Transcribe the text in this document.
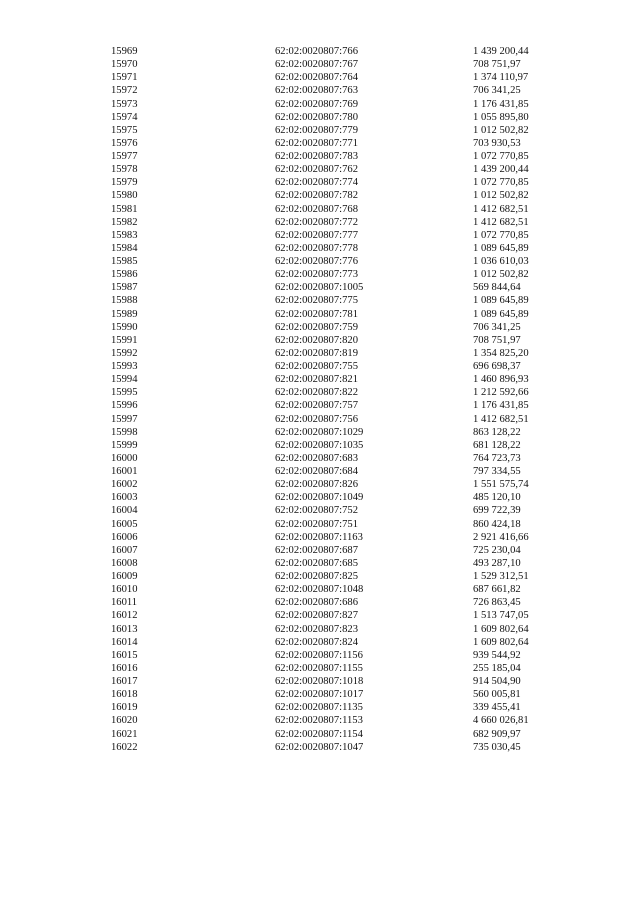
15969	62:02:0020807:766	1 439 200,44
15970	62:02:0020807:767	708 751,97
15971	62:02:0020807:764	1 374 110,97
15972	62:02:0020807:763	706 341,25
15973	62:02:0020807:769	1 176 431,85
15974	62:02:0020807:780	1 055 895,80
15975	62:02:0020807:779	1 012 502,82
15976	62:02:0020807:771	703 930,53
15977	62:02:0020807:783	1 072 770,85
15978	62:02:0020807:762	1 439 200,44
15979	62:02:0020807:774	1 072 770,85
15980	62:02:0020807:782	1 012 502,82
15981	62:02:0020807:768	1 412 682,51
15982	62:02:0020807:772	1 412 682,51
15983	62:02:0020807:777	1 072 770,85
15984	62:02:0020807:778	1 089 645,89
15985	62:02:0020807:776	1 036 610,03
15986	62:02:0020807:773	1 012 502,82
15987	62:02:0020807:1005	569 844,64
15988	62:02:0020807:775	1 089 645,89
15989	62:02:0020807:781	1 089 645,89
15990	62:02:0020807:759	706 341,25
15991	62:02:0020807:820	708 751,97
15992	62:02:0020807:819	1 354 825,20
15993	62:02:0020807:755	696 698,37
15994	62:02:0020807:821	1 460 896,93
15995	62:02:0020807:822	1 212 592,66
15996	62:02:0020807:757	1 176 431,85
15997	62:02:0020807:756	1 412 682,51
15998	62:02:0020807:1029	863 128,22
15999	62:02:0020807:1035	681 128,22
16000	62:02:0020807:683	764 723,73
16001	62:02:0020807:684	797 334,55
16002	62:02:0020807:826	1 551 575,74
16003	62:02:0020807:1049	485 120,10
16004	62:02:0020807:752	699 722,39
16005	62:02:0020807:751	860 424,18
16006	62:02:0020807:1163	2 921 416,66
16007	62:02:0020807:687	725 230,04
16008	62:02:0020807:685	493 287,10
16009	62:02:0020807:825	1 529 312,51
16010	62:02:0020807:1048	687 661,82
16011	62:02:0020807:686	726 863,45
16012	62:02:0020807:827	1 513 747,05
16013	62:02:0020807:823	1 609 802,64
16014	62:02:0020807:824	1 609 802,64
16015	62:02:0020807:1156	939 544,92
16016	62:02:0020807:1155	255 185,04
16017	62:02:0020807:1018	914 504,90
16018	62:02:0020807:1017	560 005,81
16019	62:02:0020807:1135	339 455,41
16020	62:02:0020807:1153	4 660 026,81
16021	62:02:0020807:1154	682 909,97
16022	62:02:0020807:1047	735 030,45
